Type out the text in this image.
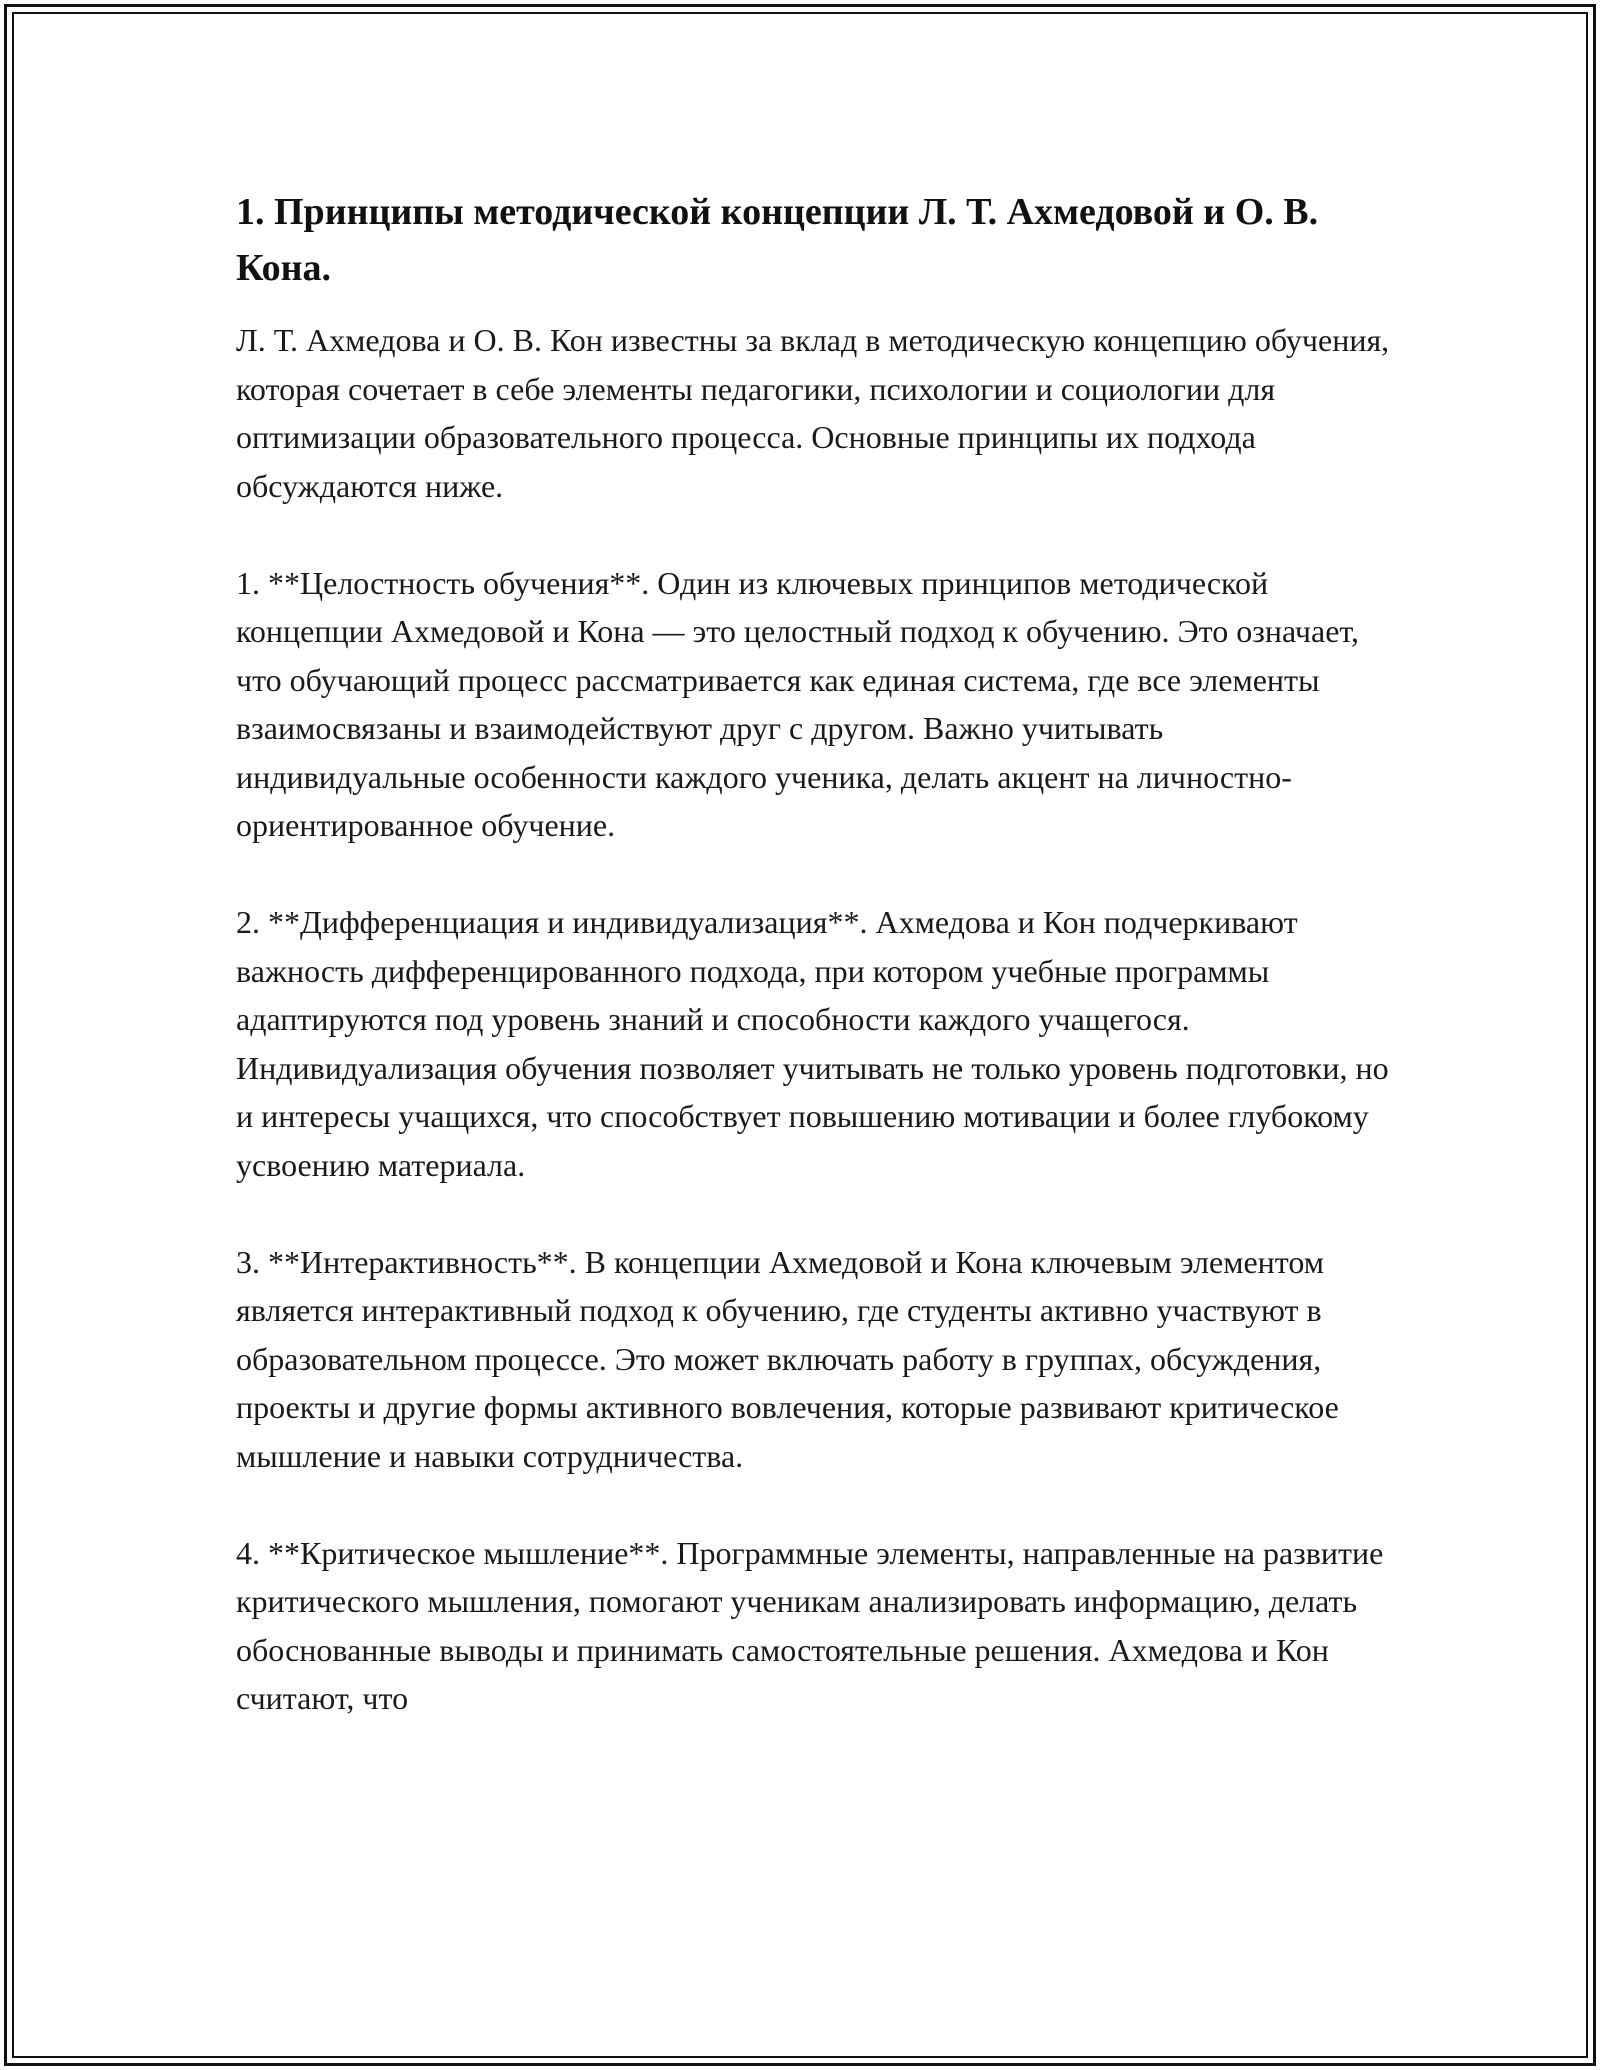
1. Принципы методической концепции Л. Т. Ахмедовой и О. В. Кона.

Л. Т. Ахмедова и О. В. Кон известны за вклад в методическую концепцию обучения, которая сочетает в себе элементы педагогики, психологии и социологии для оптимизации образовательного процесса. Основные принципы их подхода обсуждаются ниже.

1. **Целостность обучения**. Один из ключевых принципов методической концепции Ахмедовой и Кона — это целостный подход к обучению. Это означает, что обучающий процесс рассматривается как единая система, где все элементы взаимосвязаны и взаимодействуют друг с другом. Важно учитывать индивидуальные особенности каждого ученика, делать акцент на личностно-ориентированное обучение.

2. **Дифференциация и индивидуализация**. Ахмедова и Кон подчеркивают важность дифференцированного подхода, при котором учебные программы адаптируются под уровень знаний и способности каждого учащегося. Индивидуализация обучения позволяет учитывать не только уровень подготовки, но и интересы учащихся, что способствует повышению мотивации и более глубокому усвоению материала.

3. **Интерактивность**. В концепции Ахмедовой и Кона ключевым элементом является интерактивный подход к обучению, где студенты активно участвуют в образовательном процессе. Это может включать работу в группах, обсуждения, проекты и другие формы активного вовлечения, которые развивают критическое мышление и навыки сотрудничества.

4. **Критическое мышление**. Программные элементы, направленные на развитие критического мышления, помогают ученикам анализировать информацию, делать обоснованные выводы и принимать самостоятельные решения. Ахмедова и Кон считают, что
